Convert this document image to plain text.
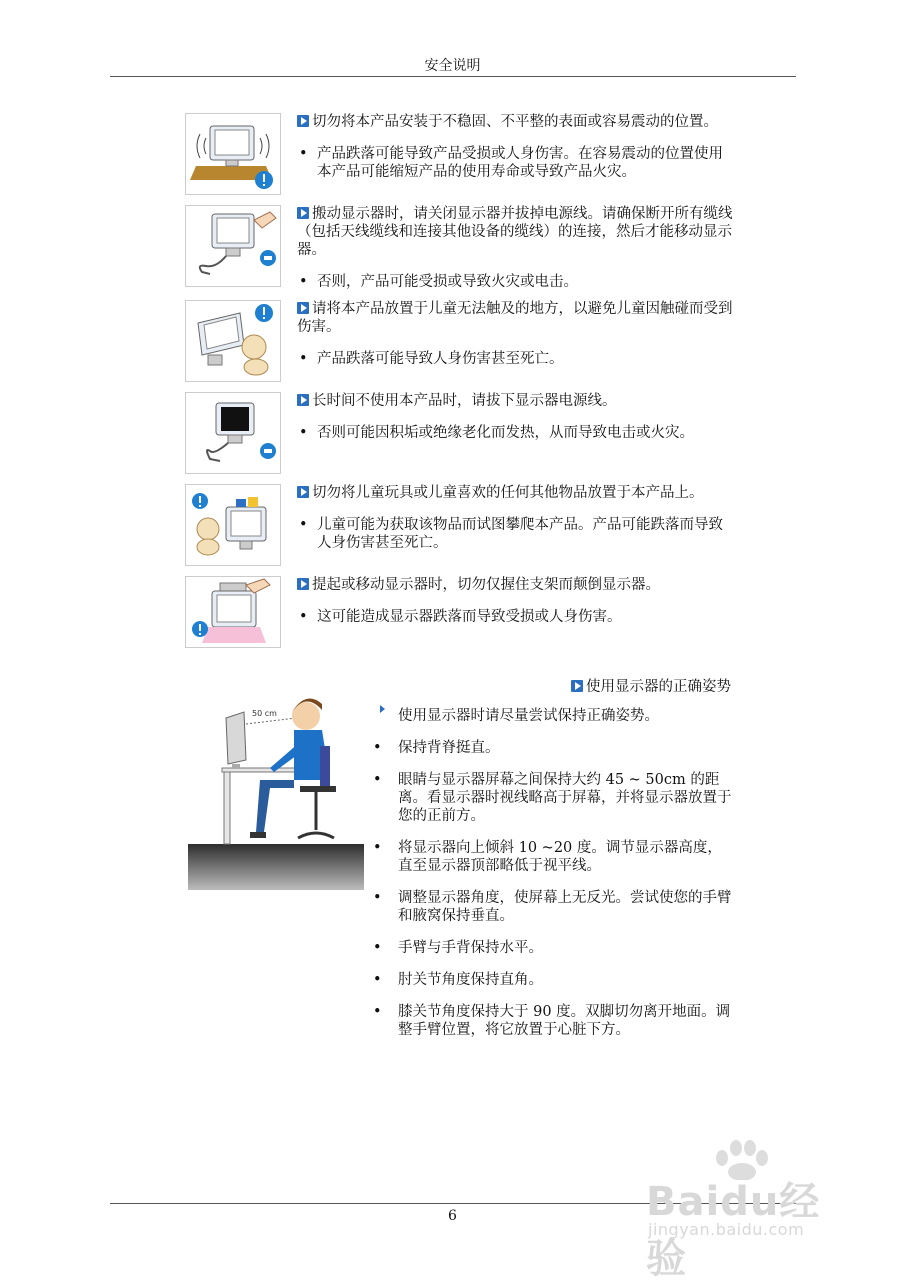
安全说明
切勿将本产品安装于不稳固、不平整的表面或容易震动的位置。
• 产品跌落可能导致产品受损或人身伤害。在容易震动的位置使用本产品可能缩短产品的使用寿命或导致产品火灾。
搬动显示器时，请关闭显示器并拔掉电源线。请确保断开所有缆线（包括天线缆线和连接其他设备的缆线）的连接，然后才能移动显示器。
• 否则，产品可能受损或导致火灾或电击。
请将本产品放置于儿童无法触及的地方，以避免儿童因触碰而受到伤害。
• 产品跌落可能导致人身伤害甚至死亡。
长时间不使用本产品时，请拔下显示器电源线。
• 否则可能因积垢或绝缘老化而发热，从而导致电击或火灾。
切勿将儿童玩具或儿童喜欢的任何其他物品放置于本产品上。
• 儿童可能为获取该物品而试图攀爬本产品。产品可能跌落而导致人身伤害甚至死亡。
提起或移动显示器时，切勿仅握住支架而颠倒显示器。
• 这可能造成显示器跌落而导致受损或人身伤害。
使用显示器的正确姿势
50 cm	使用显示器时请尽量尝试保持正确姿势。
• 保持背脊挺直。
• 眼睛与显示器屏幕之间保持大约 45 ~ 50cm 的距离。看显示器时视线略高于屏幕，并将显示器放置于您的正前方。
• 将显示器向上倾斜 10 ~20 度。调节显示器高度，直至显示器顶部略低于视平线。
• 调整显示器角度，使屏幕上无反光。尝试使您的手臂和腋窝保持垂直。
• 手臂与手背保持水平。
• 肘关节角度保持直角。
• 膝关节角度保持大于 90 度。双脚切勿离开地面。调整手臂位置，将它放置于心脏下方。
6	Baidu经验
jingyan.baidu.com
